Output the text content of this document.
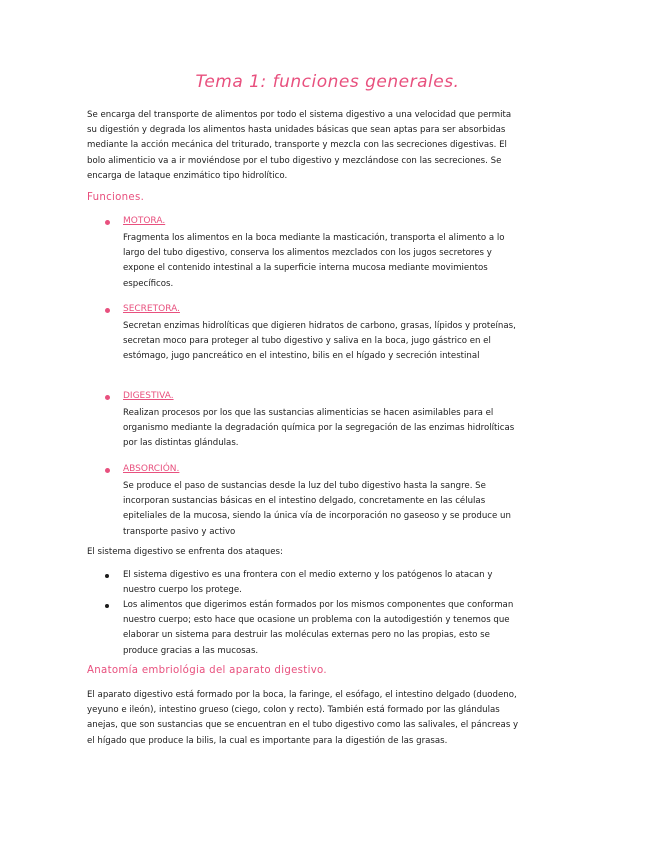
Tema 1: funciones generales.

Se encarga del transporte de alimentos por todo el sistema digestivo a una velocidad que permita su digestión y degrada los alimentos hasta unidades básicas que sean aptas para ser absorbidas mediante la acción mecánica del triturado, transporte y mezcla con las secreciones digestivas. El bolo alimenticio va a ir moviéndose por el tubo digestivo y mezclándose con las secreciones. Se encarga de lataque enzimático tipo hidrolítico.

Funciones.

MOTORA.

Fragmenta los alimentos en la boca mediante la masticación, transporta el alimento a lo largo del tubo digestivo, conserva los alimentos mezclados con los jugos secretores y expone el contenido intestinal a la superficie interna mucosa mediante movimientos específicos.

SECRETORA.

Secretan enzimas hidrolíticas que digieren hidratos de carbono, grasas, lípidos y proteínas, secretan moco para proteger al tubo digestivo y saliva en la boca, jugo gástrico en el estómago, jugo pancreático en el intestino, bilis en el hígado y secreción intestinal

DIGESTIVA.

Realizan procesos por los que las sustancias alimenticias se hacen asimilables para el organismo mediante la degradación química por la segregación de las enzimas hidrolíticas por las distintas glándulas.

ABSORCIÓN.

Se produce el paso de sustancias desde la luz del tubo digestivo hasta la sangre. Se incorporan sustancias básicas en el intestino delgado, concretamente en las células epiteliales de la mucosa, siendo la única vía de incorporación no gaseoso y se produce un transporte pasivo y activo

El sistema digestivo se enfrenta dos ataques:

El sistema digestivo es una frontera con el medio externo y los patógenos lo atacan y nuestro cuerpo los protege.

Los alimentos que digerimos están formados por los mismos componentes que conforman nuestro cuerpo; esto hace que ocasione un problema con la autodigestión y tenemos que elaborar un sistema para destruir las moléculas externas pero no las propias, esto se produce gracias a las mucosas.

Anatomía embriológia del aparato digestivo.

El aparato digestivo está formado por la boca, la faringe, el esófago, el intestino delgado (duodeno, yeyuno e ileón), intestino grueso (ciego, colon y recto). También está formado por las glándulas anejas, que son sustancias que se encuentran en el tubo digestivo como las salivales, el páncreas y el hígado que produce la bilis, la cual es importante para la digestión de las grasas.
